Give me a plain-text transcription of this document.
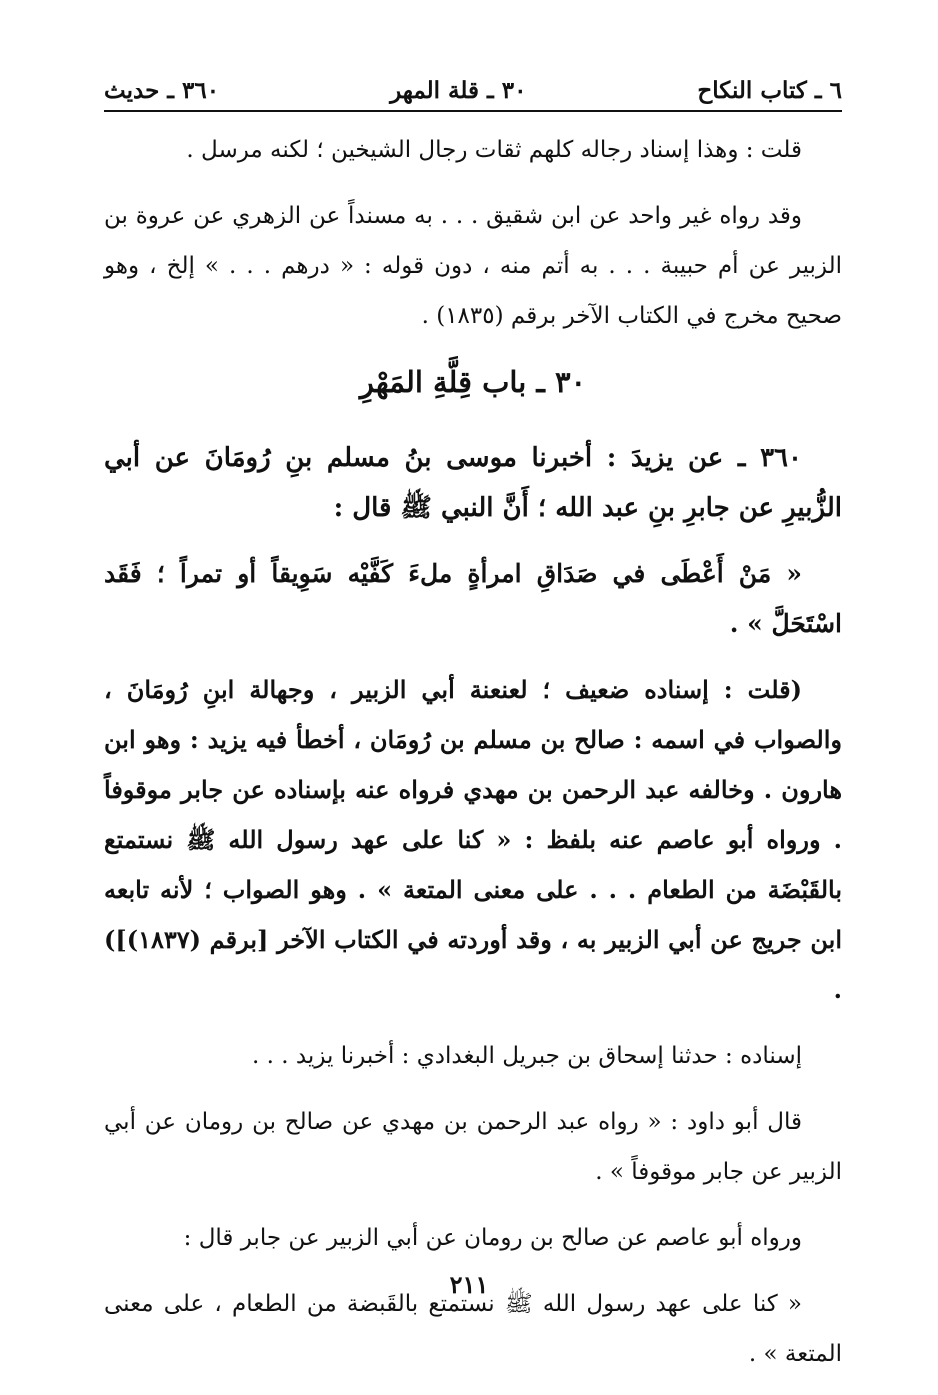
٦ ـ كتاب النكاح
٣٠ ـ قلة المهر
٣٦٠ ـ حديث

قلت : وهذا إسناد رجاله كلهم ثقات رجال الشيخين ؛ لكنه مرسل .

وقد رواه غير واحد عن ابن شقيق . . . به مسنداً عن الزهري عن عروة بن الزبير عن أم حبيبة . . . به أتم منه ، دون قوله : « درهم . . . » إلخ ، وهو صحيح مخرج في الكتاب الآخر برقم (١٨٣٥) .

٣٠ ـ باب قِلَّةِ المَهْرِ

٣٦٠ ـ عن يزيدَ : أخبرنا موسى بنُ مسلم بنِ رُومَانَ عن أبي الزُّبيرِ عن جابرِ بنِ عبد الله ؛ أَنَّ النبي ﷺ قال :

« مَنْ أَعْطَى في صَدَاقِ امرأةٍ ملءَ كَفَّيْه سَوِيقاً أو تمراً ؛ فَقَد اسْتَحَلَّ » .

(قلت : إسناده ضعيف ؛ لعنعنة أبي الزبير ، وجهالة ابنِ رُومَانَ ، والصواب في اسمه : صالح بن مسلم بن رُومَان ، أخطأ فيه يزيد : وهو ابن هارون . وخالفه عبد الرحمن بن مهدي فرواه عنه بإسناده عن جابر موقوفاً . ورواه أبو عاصم عنه بلفظ : « كنا على عهد رسول الله ﷺ نستمتع بالقَبْضَة من الطعام . . . على معنى المتعة » . وهو الصواب ؛ لأنه تابعه ابن جريج عن أبي الزبير به ، وقد أوردته في الكتاب الآخر [برقم (١٨٣٧)]) .

إسناده : حدثنا إسحاق بن جبريل البغدادي : أخبرنا يزيد . . .

قال أبو داود : « رواه عبد الرحمن بن مهدي عن صالح بن رومان عن أبي الزبير عن جابر موقوفاً » .

ورواه أبو عاصم عن صالح بن رومان عن أبي الزبير عن جابر قال :

« كنا على عهد رسول الله ﷺ نستمتع بالقَبضة من الطعام ، على معنى المتعة » .

٢١١
